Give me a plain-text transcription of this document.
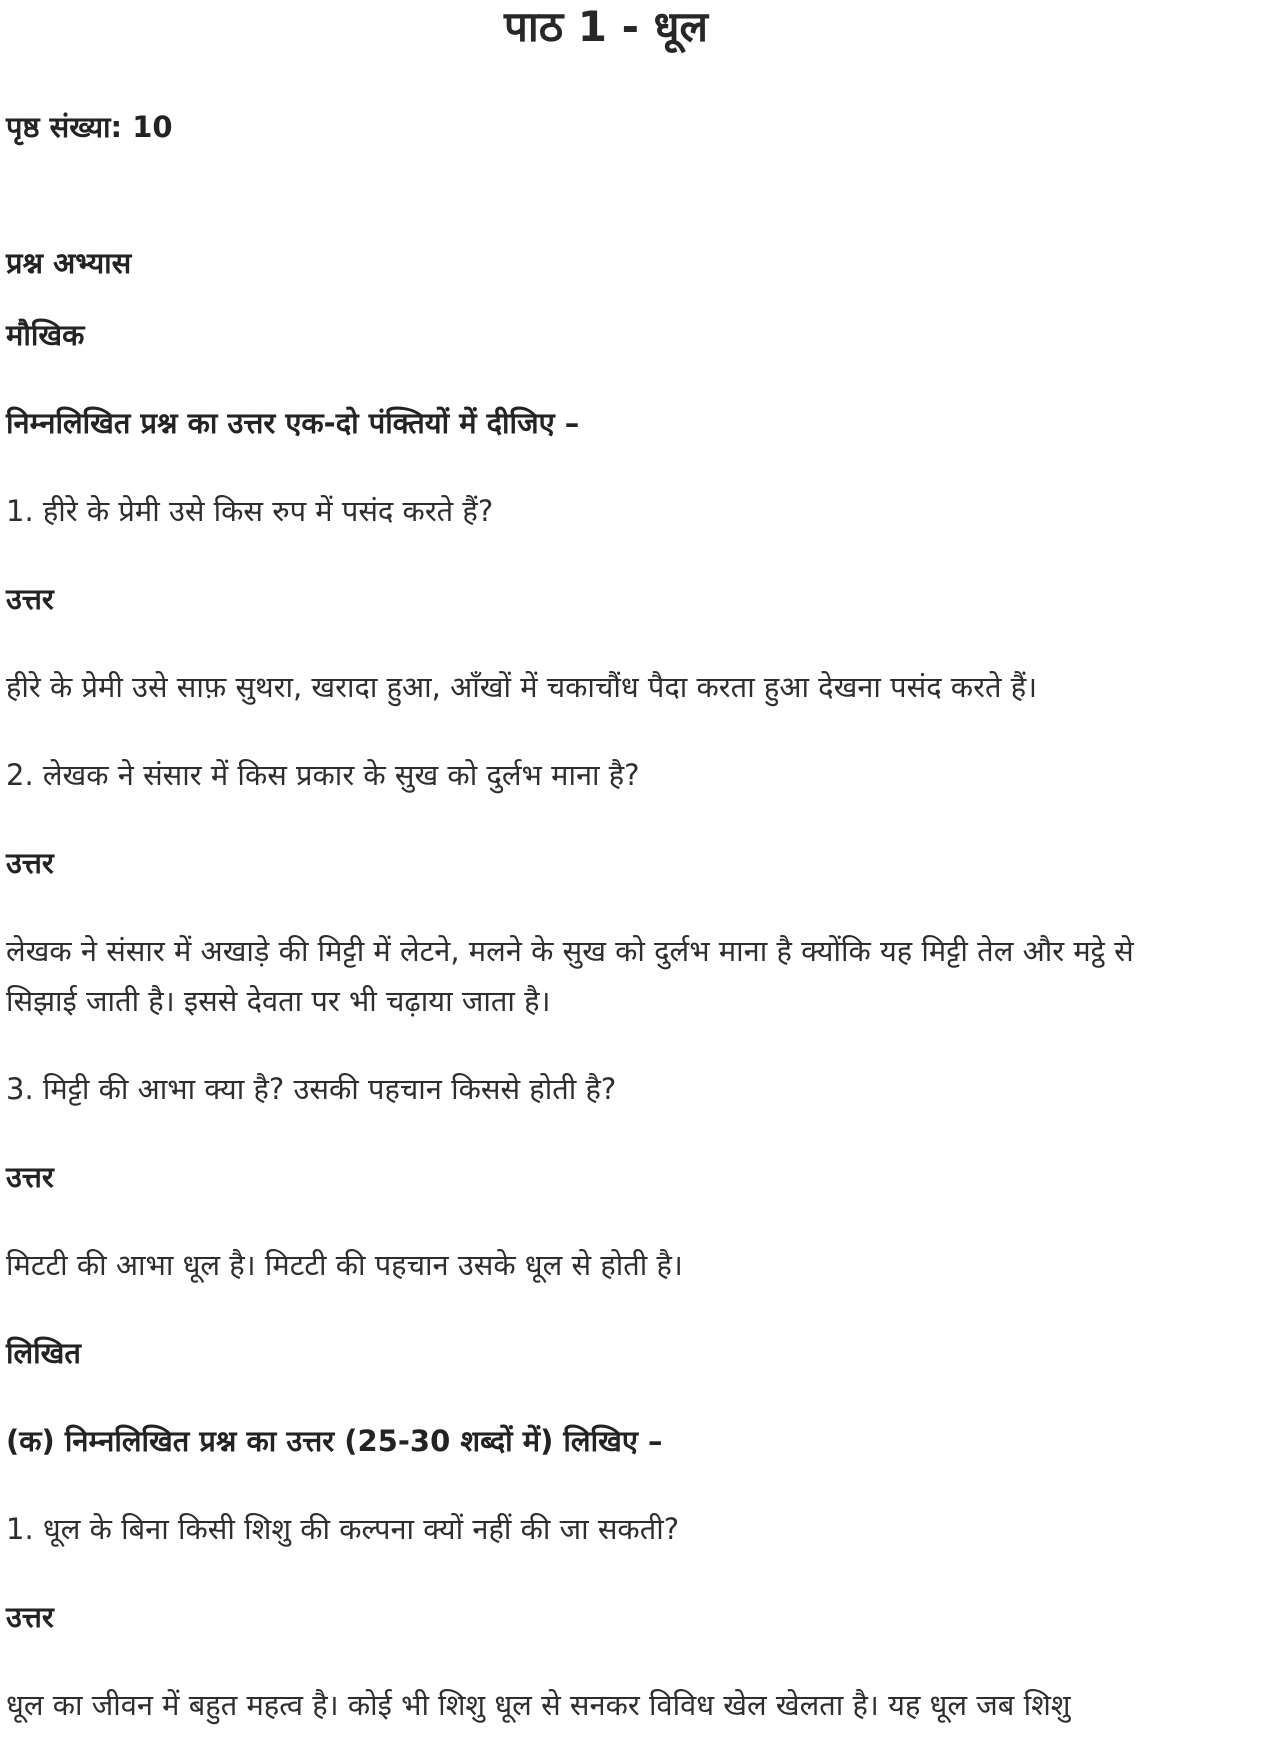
पाठ 1 - धूल

पृष्ठ संख्या: 10

प्रश्न अभ्यास

मौखिक

निम्नलिखित प्रश्न का उत्तर एक-दो पंक्तियों में दीजिए –

1. हीरे के प्रेमी उसे किस रुप में पसंद करते हैं?

उत्तर

हीरे के प्रेमी उसे साफ़ सुथरा, खरादा हुआ, आँखों में चकाचौंध पैदा करता हुआ देखना पसंद करते हैं।

2. लेखक ने संसार में किस प्रकार के सुख को दुर्लभ माना है?

उत्तर

लेखक ने संसार में अखाड़े की मिट्टी में लेटने, मलने के सुख को दुर्लभ माना है क्योंकि यह मिट्टी तेल और मट्ठे से सिझाई जाती है। इससे देवता पर भी चढ़ाया जाता है।

3. मिट्टी की आभा क्या है? उसकी पहचान किससे होती है?

उत्तर

मिटटी की आभा धूल है। मिटटी की पहचान उसके धूल से होती है।

लिखित

(क) निम्नलिखित प्रश्न का उत्तर (25-30 शब्दों में) लिखिए –

1. धूल के बिना किसी शिशु की कल्पना क्यों नहीं की जा सकती?

उत्तर

धूल का जीवन में बहुत महत्व है। कोई भी शिशु धूल से सनकर विविध खेल खेलता है। यह धूल जब शिशु
